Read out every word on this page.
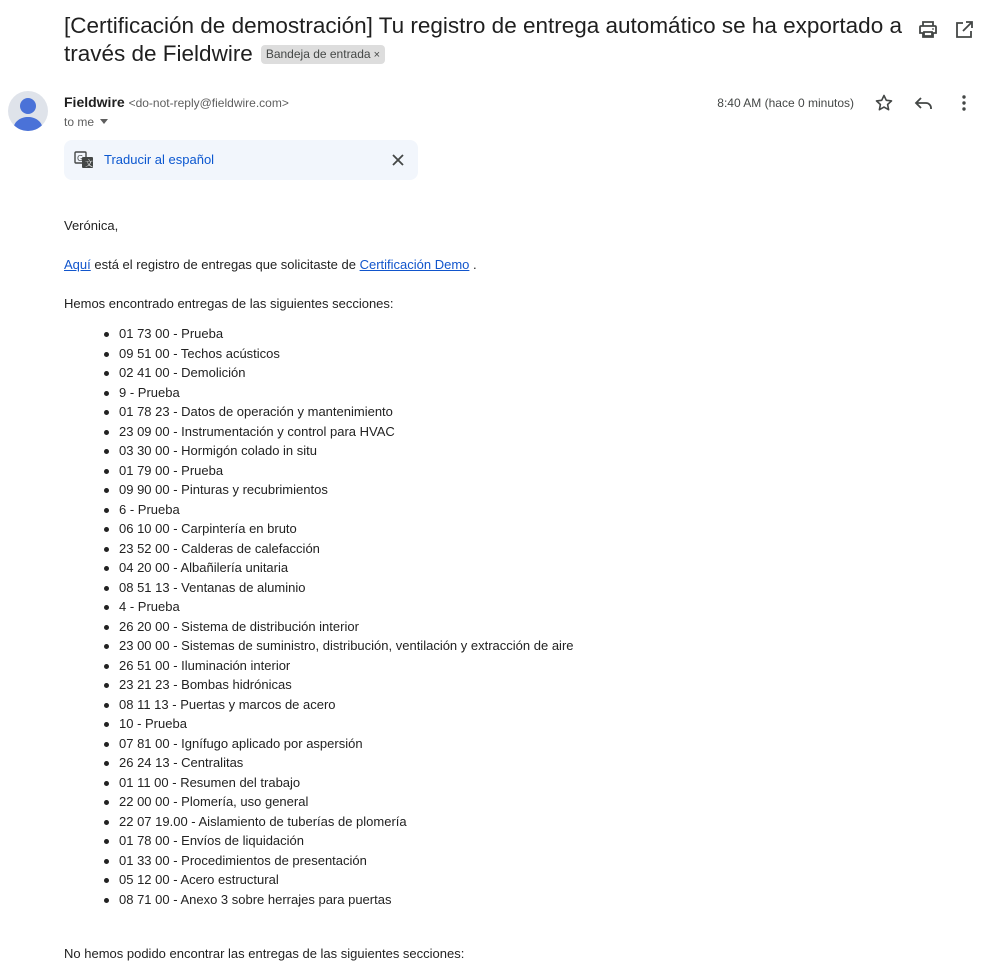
[Certificación de demostración] Tu registro de entrega automático se ha exportado a través de Fieldwire Bandeja de entrada ×
Fieldwire <do-not-reply@fieldwire.com>
to me
8:40 AM (hace 0 minutos)
G
文 Traducir al español

Verónica,

Aquí está el registro de entregas que solicitaste de Certificación Demo .

Hemos encontrado entregas de las siguientes secciones:

01 73 00 - Prueba
09 51 00 - Techos acústicos
02 41 00 - Demolición
9 - Prueba
01 78 23 - Datos de operación y mantenimiento
23 09 00 - Instrumentación y control para HVAC
03 30 00 - Hormigón colado in situ
01 79 00 - Prueba
09 90 00 - Pinturas y recubrimientos
6 - Prueba
06 10 00 - Carpintería en bruto
23 52 00 - Calderas de calefacción
04 20 00 - Albañilería unitaria
08 51 13 - Ventanas de aluminio
4 - Prueba
26 20 00 - Sistema de distribución interior
23 00 00 - Sistemas de suministro, distribución, ventilación y extracción de aire
26 51 00 - Iluminación interior
23 21 23 - Bombas hidrónicas
08 11 13 - Puertas y marcos de acero
10 - Prueba
07 81 00 - Ignífugo aplicado por aspersión
26 24 13 - Centralitas
01 11 00 - Resumen del trabajo
22 00 00 - Plomería, uso general
22 07 19.00 - Aislamiento de tuberías de plomería
01 78 00 - Envíos de liquidación
01 33 00 - Procedimientos de presentación
05 12 00 - Acero estructural
08 71 00 - Anexo 3 sobre herrajes para puertas

No hemos podido encontrar las entregas de las siguientes secciones:
